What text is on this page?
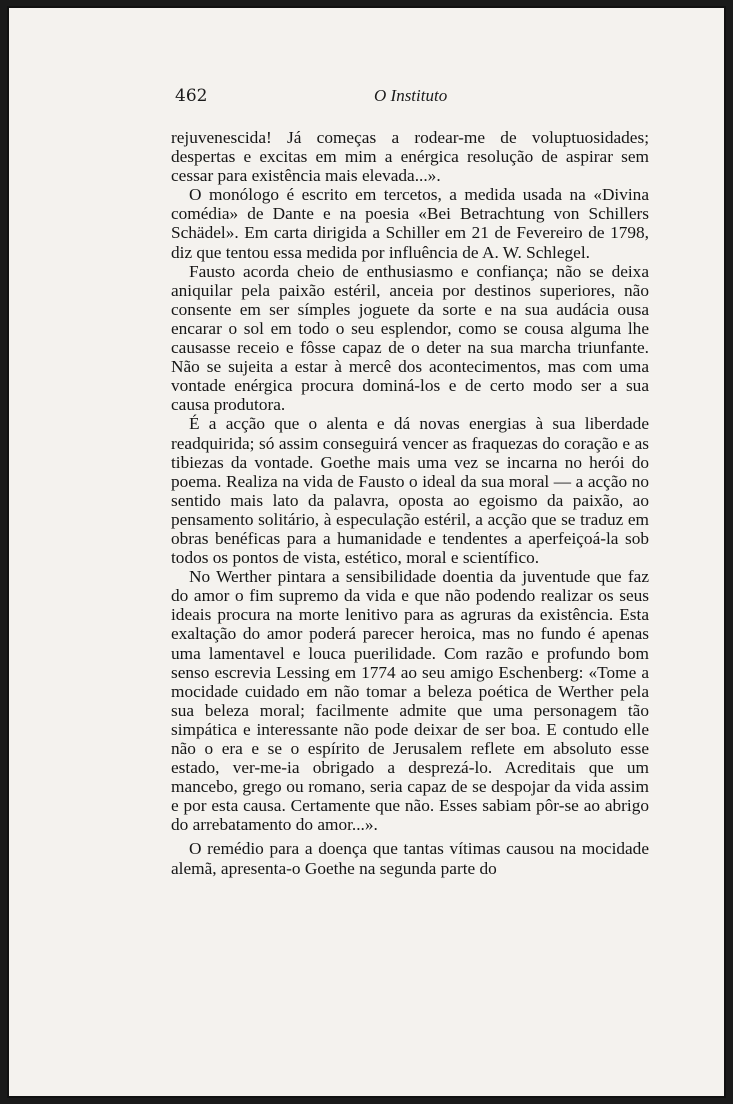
462	O Instituto

rejuvenescida! Já começas a rodear-me de voluptuosidades; despertas e excitas em mim a enérgica resolução de aspirar sem cessar para existência mais elevada...».

O monólogo é escrito em tercetos, a medida usada na «Divina comédia» de Dante e na poesia «Bei Betrachtung von Schillers Schädel». Em carta dirigida a Schiller em 21 de Fevereiro de 1798, diz que tentou essa medida por influência de A. W. Schlegel.

Fausto acorda cheio de enthusiasmo e confiança; não se deixa aniquilar pela paixão estéril, anceia por destinos superiores, não consente em ser símples joguete da sorte e na sua audácia ousa encarar o sol em todo o seu esplendor, como se cousa alguma lhe causasse receio e fôsse capaz de o deter na sua marcha triunfante. Não se sujeita a estar à mercê dos acontecimentos, mas com uma vontade enérgica procura dominá-los e de certo modo ser a sua causa produtora.

É a acção que o alenta e dá novas energias à sua liberdade readquirida; só assim conseguirá vencer as fraquezas do coração e as tibiezas da vontade. Goethe mais uma vez se incarna no herói do poema. Realiza na vida de Fausto o ideal da sua moral — a acção no sentido mais lato da palavra, oposta ao egoismo da paixão, ao pensamento solitário, à especulação estéril, a acção que se traduz em obras benéficas para a humanidade e tendentes a aperfeiçoá-la sob todos os pontos de vista, estético, moral e scientífico.

No Werther pintara a sensibilidade doentia da juventude que faz do amor o fim supremo da vida e que não podendo realizar os seus ideais procura na morte lenitivo para as agruras da existência. Esta exaltação do amor poderá parecer heroica, mas no fundo é apenas uma lamentavel e louca puerilidade. Com razão e profundo bom senso escrevia Lessing em 1774 ao seu amigo Eschenberg: «Tome a mocidade cuidado em não tomar a beleza poética de Werther pela sua beleza moral; facilmente admite que uma personagem tão simpática e interessante não pode deixar de ser boa. E contudo elle não o era e se o espírito de Jerusalem reflete em absoluto esse estado, ver-me-ia obrigado a desprezá-lo. Acreditais que um mancebo, grego ou romano, seria capaz de se despojar da vida assim e por esta causa. Certamente que não. Esses sabiam pôr-se ao abrigo do arrebatamento do amor...».

O remédio para a doença que tantas vítimas causou na mocidade alemã, apresenta-o Goethe na segunda parte do
